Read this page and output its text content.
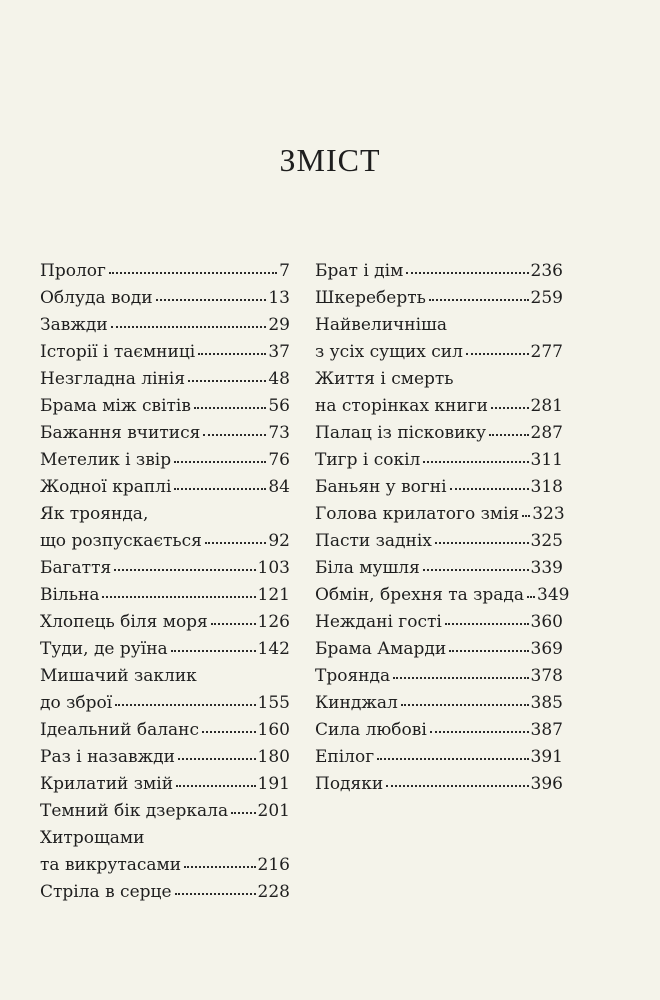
ЗМІСТ
Пролог	7
Облуда води	13
Завжди	29
Історії і таємниці	37
Незгладна лінія	48
Брама між світів	56
Бажання вчитися	73
Метелик і звір	76
Жодної краплі	84
Як троянда,
що розпускається	92
Багаття	103
Вільна	121
Хлопець біля моря	126
Туди, де руїна	142
Мишачий заклик
до зброї	155
Ідеальний баланс	160
Раз і назавжди	180
Крилатий змій	191
Темний бік дзеркала 201
Хитрощами
та викрутасами	216
Стріла в серце	228
Брат і дім	236
Шкереберть	259
Найвеличніша
з усіх сущих сил	277
Життя і смерть
на сторінках книги	281
Палац із пісковику	287
Тигр і сокіл	311
Баньян у вогні	318
Голова крилатого змія 323
Пасти задніх	325
Біла мушля	339
Обмін, брехня та зрада 349
Неждані гості	360
Брама Амарди	369
Троянда	378
Кинджал	385
Сила любові	387
Епілог	391
Подяки	396
